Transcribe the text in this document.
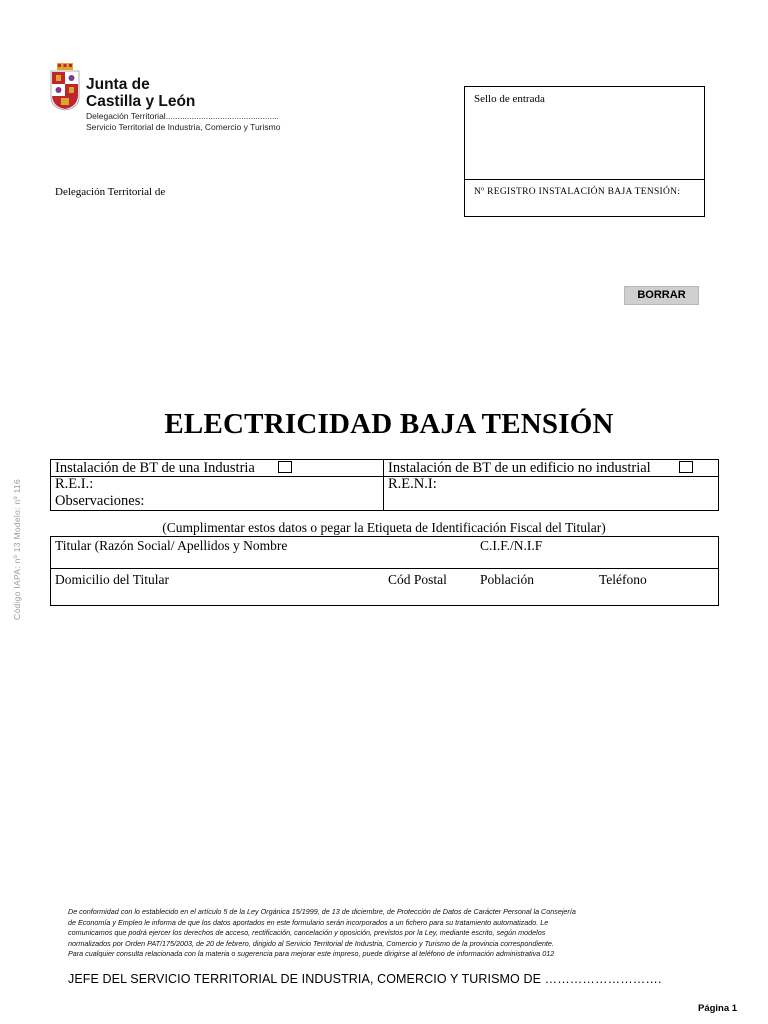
Junta de
Castilla y León
Delegación Territorial................................................
Servicio Territorial de Industria, Comercio y Turismo
Delegación Territorial de
Sello de entrada
Nº REGISTRO INSTALACIÓN BAJA TENSIÓN:
BORRAR
ELECTRICIDAD BAJA TENSIÓN
Código IAPA: nº 13 Modelo: nº 116
Instalación de BT de una Industria	Instalación de BT de un edificio no industrial
R.E.I.:	R.E.N.I:
Observaciones:
(Cumplimentar estos datos o pegar la Etiqueta de Identificación Fiscal del Titular)
Titular (Razón Social/ Apellidos y Nombre	C.I.F./N.I.F
Domicilio del Titular	Cód Postal Población	Teléfono
De conformidad con lo establecido en el artículo 5 de la Ley Orgánica 15/1999, de 13 de diciembre, de Protección de Datos de Carácter Personal la Consejería
de Economía y Empleo le informa de que los datos aportados en este formulario serán incorporados a un fichero para su tratamiento automatizado. Le
comunicamos que podrá ejercer los derechos de acceso, rectificación, cancelación y oposición, previstos por la Ley, mediante escrito, según modelos
normalizados por Orden PAT/175/2003, de 20 de febrero, dirigido al Servicio Territorial de Industria, Comercio y Turismo de la provincia correspondiente.
Para cualquier consulta relacionada con la materia o sugerencia para mejorar este impreso, puede dirigirse al teléfono de información administrativa 012
JEFE DEL SERVICIO TERRITORIAL DE INDUSTRIA, COMERCIO Y TURISMO DE ……………………….
Página 1
